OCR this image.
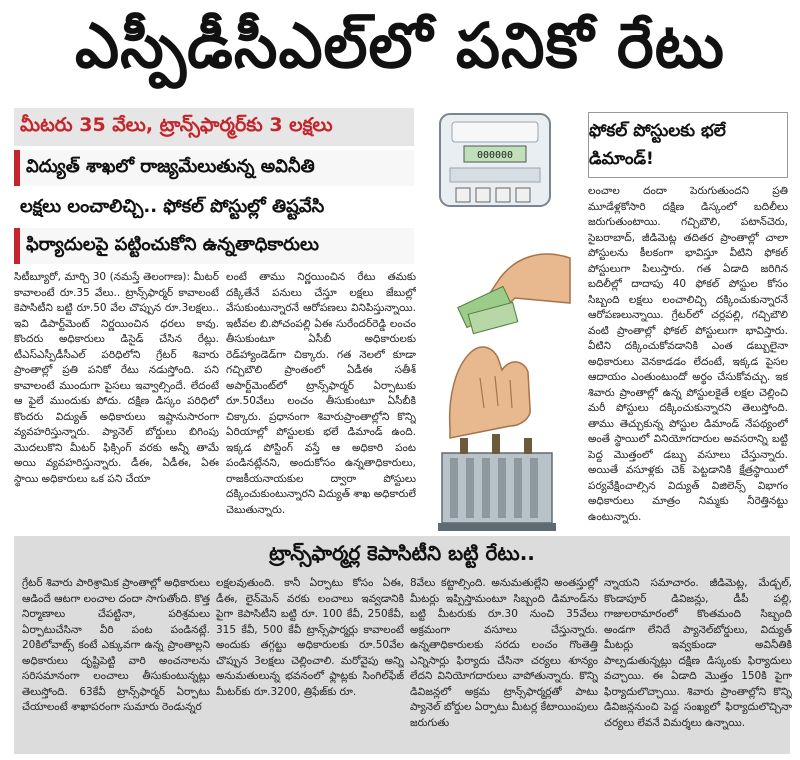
ఎస్పీడీసీఎల్‌లో పనికో రేటు
మీటరు 35 వేలు, ట్రాన్స్‌ఫార్మర్‌కు 3 లక్షలు
విద్యుత్ శాఖలో రాజ్యమేలుతున్న అవినీతి
లక్షలు లంచాలిచ్చి.. ఫోకల్ పోస్టుల్లో తిష్టవేసి
ఫిర్యాదులపై పట్టించుకోని ఉన్నతాధికారులు
సిటీబ్యూరో, మార్చి 30 (నమస్తే తెలంగాణ): మీటర్ కావాలంటే రూ.35 వేలు.. ట్రాన్స్‌ఫార్మర్ కావాలంటే కెపాసిటీని బట్టి రూ.50 వేల చొప్పున రూ.3లక్షలు.. ఇవి డిపార్ట్‌మెంట్ నిర్ణయించిన ధరలు కావు. కొందరు అధికారులు డిసైడ్ చేసిన రేట్లు. టీఎస్‌ఎస్పీడీసీఎల్ పరిధిలోని గ్రేటర్ శివారు ప్రాంతాల్లో ప్రతి పనికో రేటు నడుస్తోంది. పని కావాలంటే ముందుగా పైసలు ఇవ్వాల్సిందే. లేదంటే ఆ ఫైలే ముందుకు పోదు. దక్షిణ డిస్కం పరిధిలో కొందరు విద్యుత్ అధికారులు ఇష్టానుసారంగా వ్యవహరిస్తున్నారు. ప్యానెల్ బోర్డులు బిగింపు మొదలుకొని మీటర్ ఫిక్సింగ్ వరకు అన్నీ తామే అయి వ్యవహరిస్తున్నారు. డీఈ, ఏడీఈ, ఏఈ స్థాయి అధికారులు ఒక పని చేయా
లంటే తాము నిర్ణయించిన రేటు తమకు దక్కితేనే పనులు చేస్తూ లక్షలు జేబుల్లో వేసుకుంటున్నారనే ఆరోపణలు వినిపిస్తున్నాయి. ఇటీవల బి.పోచంపల్లి ఏఈ సురేందర్‌రెడ్డి లంచం తీసుకుంటూ ఏసీబీ అధికారులకు రెడ్‌హ్యాండెడ్‌గా చిక్కారు. గత నెలలో కూడా గచ్చిబౌలి ప్రాంతంలో ఏడీఈ సతీశ్ అపార్ట్‌మెంట్‌లో ట్రాన్స్‌ఫార్మర్ ఏర్పాటుకు రూ.50వేలు లంచం తీసుకుంటూ ఏసీబీకి చిక్కారు. ప్రధానంగా శివారుప్రాంతాల్లోని కొన్ని ఏరియాల్లో పోస్టులకు భలే డిమాండ్ ఉంది. ఇక్కడ పోస్టింగ్ వస్తే ఆ అధికారి పంట పండినట్లేనని, అందుకోసం ఉన్నతాధికారులు, రాజకీయనాయకుల ద్వారా పోస్టులు దక్కించుకుంటున్నారని విద్యుత్ శాఖ అధికారులే చెబుతున్నారు.
000000
ఫోకల్ పోస్టులకు భలే డిమాండ్!
లంచాల దందా పెరుగుతుందని ప్రతి మూడేళ్లకోసారి దక్షిణ డిస్కంలో బదిలీలు జరుగుతుంటాయి. గచ్చిబౌలి, పటాన్‌చెరు, సైబరాబాద్, జీడిమెట్ల తదితర ప్రాంతాల్లో చాలా పోస్టులను కీలకంగా భావిస్తూ వీటిని ఫోకల్ పోస్టులుగా పిలుస్తారు. గత ఏడాది జరిగిన బదిలీల్లో దాదాపు 40 ఫోకల్ పోస్టుల కోసం సిబ్బంది లక్షలు లంచాలిచ్చి దక్కించుకున్నారనే ఆరోపణలున్నాయి. గ్రేటర్‌లో చర్లపల్లి, గచ్చిబౌలి వంటి ప్రాంతాల్లో ఫోకల్ పోస్టులుగా భావిస్తారు. వీటిని దక్కించుకోవడానికి ఎంత డబ్బులైనా అధికారులు వెనకాడడం లేదంటే, ఇక్కడ పైసల ఆదాయం ఎంతుంటుందో అర్థం చేసుకోవచ్చు. ఇక శివారు ప్రాంతాల్లో ఉన్న పోస్టులకైతే లక్షల చెల్లించి మరీ పోస్టులు దక్కించుకున్నారని తెలుస్తోంది. తాము తెచ్చుకున్న పోస్టుల డిమాండ్ నేపథ్యంలో అంతే స్థాయిలో వినియోగదారుల అవసరాన్ని బట్టి పెద్ద మొత్తంలో డబ్బు వసూలు చేస్తున్నారు. అయితే వసూళ్లకు చెక్ పెట్టడానికి క్షేత్రస్థాయిలో పర్యవేక్షించాల్సిన విద్యుత్ విజిలెన్స్ విభాగం అధికారులు మాత్రం నిమ్మకు నీరెత్తినట్టు ఉంటున్నారు.
ట్రాన్స్‌ఫార్మర్ల కెపాసిటీని బట్టి రేటు..
గ్రేటర్ శివారు పారిశ్రామిక ప్రాంతాల్లో అధికారులు ఆడిందే ఆటగా లంచాల దందా సాగుతోంది. కొత్త నిర్మాణాలు చేపట్టినా, పరిశ్రమలు ఏర్పాటుచేసినా వీరి పంట పండినట్లే. 20కిలోవాట్స్ కంటే ఎక్కువగా ఉన్న ప్రాంతాల్లని అధికారులు దృష్టిపెట్టి వారి అంచనాలను సరిసమానంగా లంచాలు తీసుకుంటున్నట్లు తెలుస్తోంది. 63కేవీ ట్రాన్స్‌ఫార్మర్ ఏర్పాటు చేయాలంటే శాఖాపరంగా సుమారు రెండున్నర
లక్షలవుతుంది. కానీ ఏర్పాటు కోసం ఏఈ, డీఈ, లైన్‌మెన్ వరకు లంచాలు ఇవ్వడానికి పైగా కెపాసిటీని బట్టి రూ. 100 కేవీ, 250కేవీ, 315 కేవీ, 500 కేవీ ట్రాన్స్‌ఫార్మర్లు కావాలంటే అందుకు తగ్గట్టు అధికారులకు రూ.50వేల చొప్పున 3లక్షలు చెల్లించాలి. మరోవైపు అన్ని అనుమతులున్న భవనంలో ఫ్లాట్లకు సింగిల్‌ఫేజ్ మీటర్‌కు రూ.3200, త్రిఫేజ్‌కు రూ.
8వేలు కట్టాల్సింది. అనుమతుల్లేని అంతస్తుల్లో మీటర్లు ఇప్పిస్తామంటూ సిబ్బంది డిమాండ్‌ను బట్టి మీటరుకు రూ.30 నుంచి 35వేలు అక్రమంగా వసూలు చేస్తున్నారు. ఉన్నతాధికారులకు సరదు లంచం గొంతెత్తి ఎన్నిసార్లు ఫిర్యాదు చేసినా చర్యలు శూన్యం లేదని వినియోగదారులు వాపోతున్నారు. కొన్ని డివిజన్లలో అక్రమ ట్రాన్స్‌ఫార్మర్లతో పాటు ప్యానెల్ బోర్డుల ఏర్పాటు మీటర్ల కేటాయింపులు జరుగుతు
న్నాయని సమాచారం. జీడిమెట్ల, మేడ్చల్, కొండాపూర్ డివిజన్లు, డీపీ పల్లి, గాజులరామారంలో కొంతమంది సిబ్బంది అండగా లేనిదే ప్యానెల్‌బోర్డులు, విద్యుత్ మీటర్లు ఇవ్వకుండా అవినీతికి పాల్పడుతున్నట్లు దక్షిణ డిస్కంకు ఫిర్యాదులు వచ్చాయి. ఈ ఏడాది మొత్తం 150కి పైగా ఫిర్యాదులొచ్చాయి. శివారు ప్రాంతాల్లోని కొన్ని డివిజన్లనుంచి పెద్ద సంఖ్యలో ఫిర్యాదులొచ్చినా చర్యలు లేవనే విమర్శలు ఉన్నాయి.
